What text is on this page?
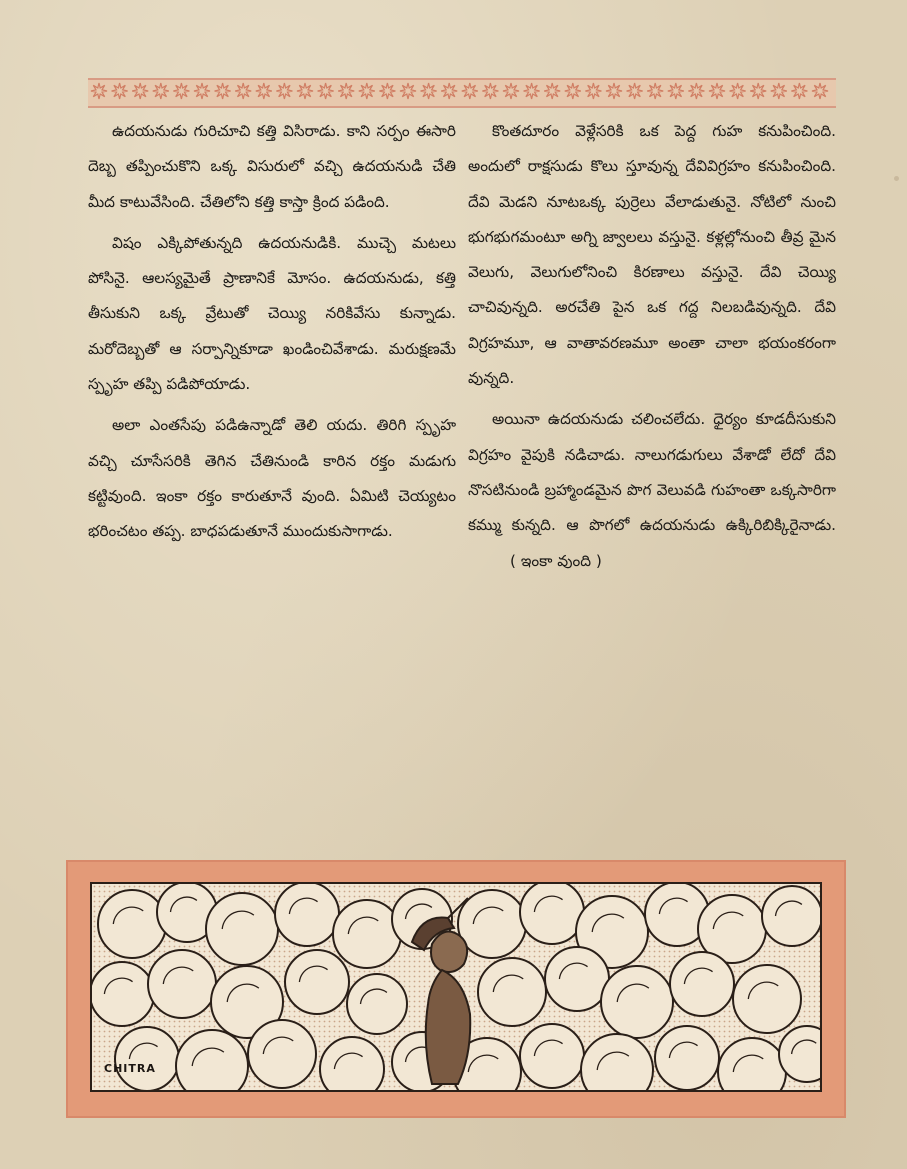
ఉదయనుడు గురిచూచి కత్తి విసిరాడు. కాని సర్పం ఈసారి దెబ్బ తప్పించుకొని ఒక్క విసురులో వచ్చి ఉదయనుడి చేతి మీద కాటువేసింది. చేతిలోని కత్తి కాస్తా క్రింద పడింది.

విషం ఎక్కిపోతున్నది ఉదయనుడికి. ముచ్చె మటలు పోసినై. ఆలస్యమైతే ప్రాణానికే మోసం. ఉదయనుడు, కత్తి తీసుకుని ఒక్క వ్రేటుతో చెయ్యి నరికివేసు కున్నాడు. మరోదెబ్బతో ఆ సర్పాన్నికూడా ఖండించివేశాడు. మరుక్షణమే స్పృహ తప్పి పడిపోయాడు.

అలా ఎంతసేపు పడిఉన్నాడో తెలి యదు. తిరిగి స్పృహ వచ్చి చూసేసరికి తెగిన చేతినుండి కారిన రక్తం మడుగు కట్టివుంది. ఇంకా రక్తం కారుతూనే వుంది. ఏమిటి చెయ్యటం భరించటం తప్ప. బాధపడుతూనే ముందుకుసాగాడు.

కొంతదూరం వెళ్లేసరికి ఒక పెద్ద గుహ కనుపించింది. అందులో రాక్షసుడు కొలు స్తూవున్న దేవివిగ్రహం కనుపించింది. దేవి మెడని నూటఒక్క పుర్రెలు వేలాడుతునై. నోటిలో నుంచి భుగభుగమంటూ అగ్ని జ్వాలలు వస్తునై. కళ్లల్లోనుంచి తీవ్ర మైన వెలుగు, వెలుగులోనించి కిరణాలు వస్తునై. దేవి చెయ్యి చాచివున్నది. అరచేతి పైన ఒక గద్ద నిలబడివున్నది. దేవి విగ్రహమూ, ఆ వాతావరణమూ అంతా చాలా భయంకరంగా వున్నది.

అయినా ఉదయనుడు చలించలేదు. ధైర్యం కూడదీసుకుని విగ్రహం వైపుకి నడిచాడు. నాలుగడుగులు వేశాడో లేదో దేవి నొసటినుండి బ్రహ్మాండమైన పొగ వెలువడి గుహంతా ఒక్కసారిగా కమ్ము కున్నది. ఆ పొగలో ఉదయనుడు ఉక్కిరిబిక్కిరైనాడు.( ఇంకా వుంది )

CHITRA
